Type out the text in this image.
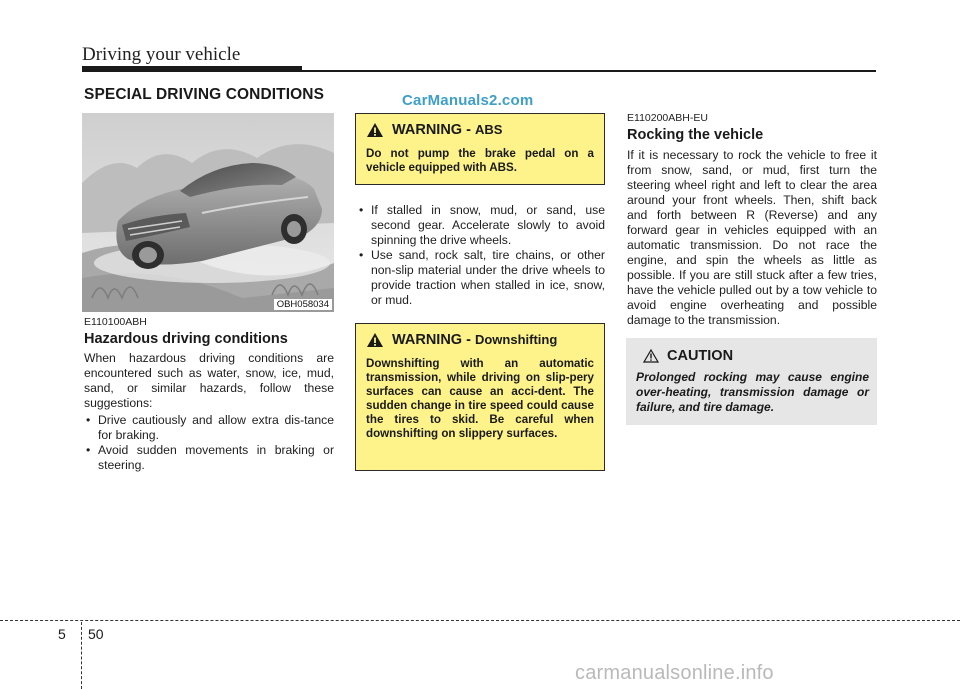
Driving your vehicle
SPECIAL DRIVING CONDITIONS	CarManuals2.com
OBH058034
E110100ABH
Hazardous driving conditions
When hazardous driving conditions are encountered such as water, snow, ice, mud, sand, or similar hazards, follow these suggestions:
• Drive cautiously and allow extra dis-tance for braking.
• Avoid sudden movements in braking or steering.
WARNING - ABS
Do not pump the brake pedal on a vehicle equipped with ABS.
• If stalled in snow, mud, or sand, use second gear. Accelerate slowly to avoid spinning the drive wheels.
• Use sand, rock salt, tire chains, or other non-slip material under the drive wheels to provide traction when stalled in ice, snow, or mud.
WARNING - Downshifting
Downshifting with an automatic transmission, while driving on slip-pery surfaces can cause an acci-dent. The sudden change in tire speed could cause the tires to skid. Be careful when downshifting on slippery surfaces.
E110200ABH-EU
Rocking the vehicle
If it is necessary to rock the vehicle to free it from snow, sand, or mud, first turn the steering wheel right and left to clear the area around your front wheels. Then, shift back and forth between R (Reverse) and any forward gear in vehicles equipped with an automatic transmission. Do not race the engine, and spin the wheels as little as possible. If you are still stuck after a few tries, have the vehicle pulled out by a tow vehicle to avoid engine overheating and possible damage to the transmission.
CAUTION
Prolonged rocking may cause engine over-heating, transmission damage or failure, and tire damage.
5 50
carmanualsonline.info
